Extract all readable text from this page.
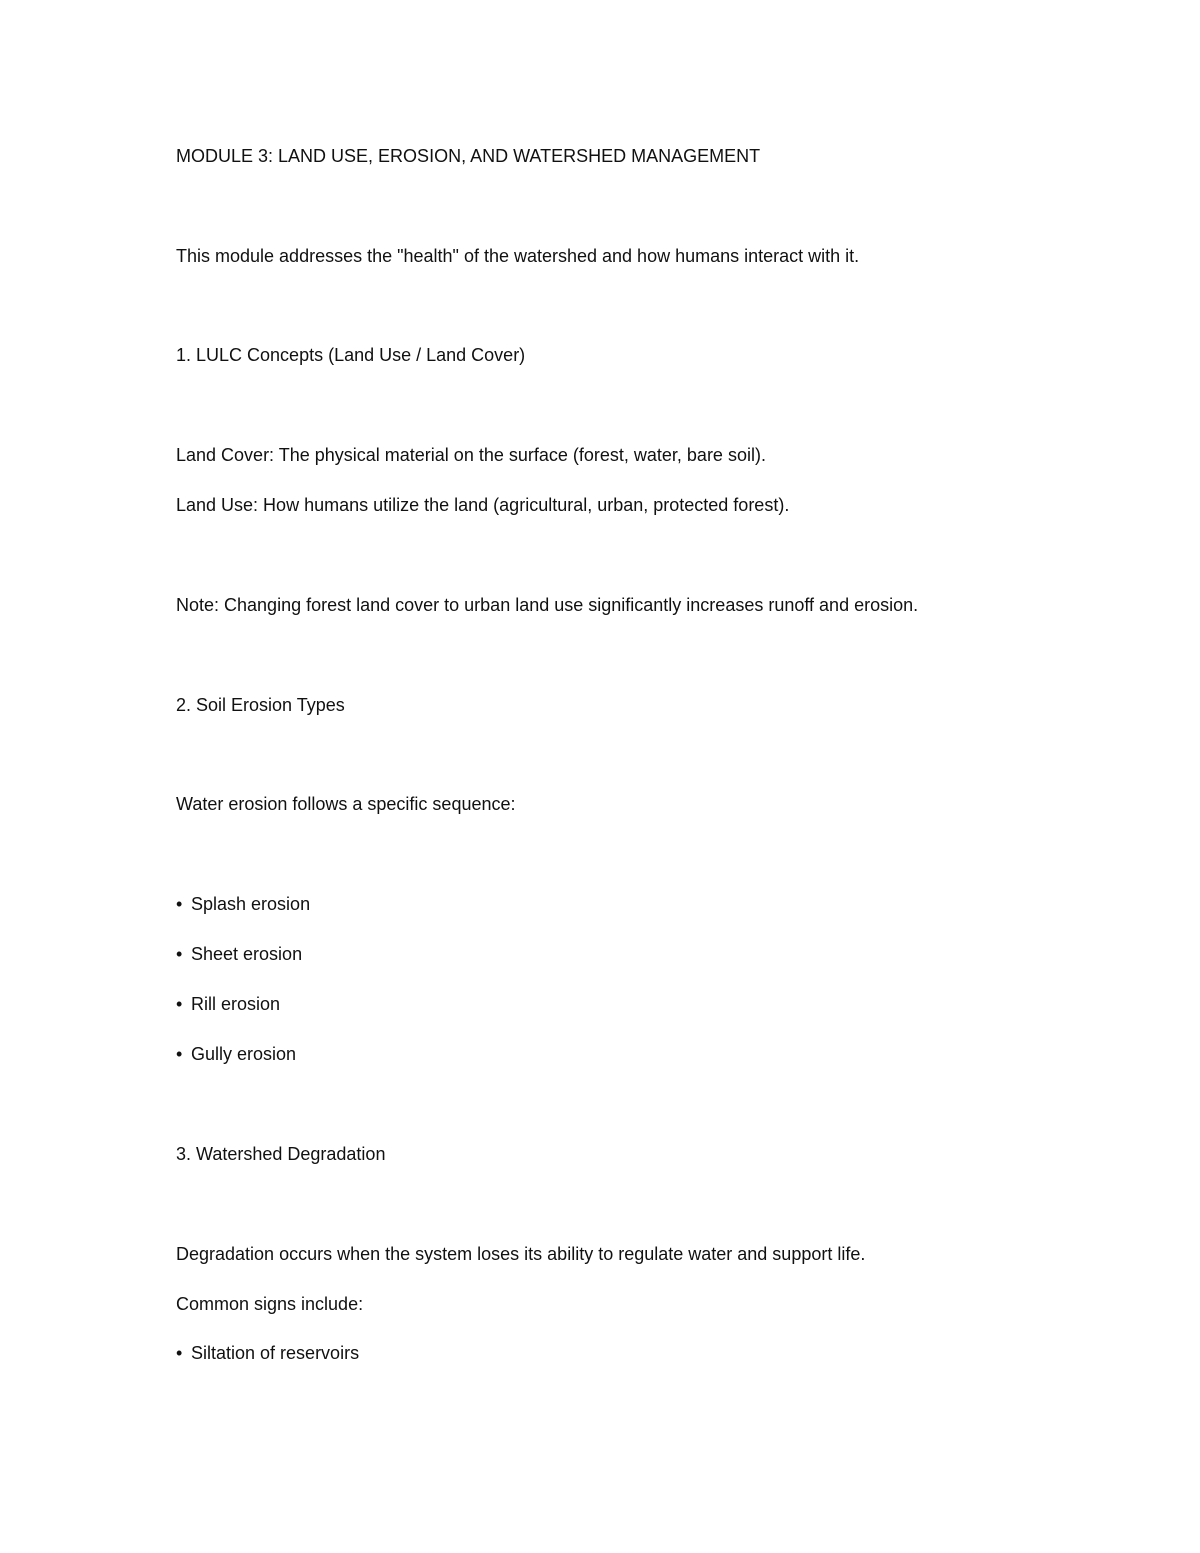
MODULE 3: LAND USE, EROSION, AND WATERSHED MANAGEMENT

This module addresses the "health" of the watershed and how humans interact with it.

1. LULC Concepts (Land Use / Land Cover)

Land Cover: The physical material on the surface (forest, water, bare soil).

Land Use: How humans utilize the land (agricultural, urban, protected forest).

Note: Changing forest land cover to urban land use significantly increases runoff and erosion.

2. Soil Erosion Types

Water erosion follows a specific sequence:

• Splash erosion

• Sheet erosion

• Rill erosion

• Gully erosion

3. Watershed Degradation

Degradation occurs when the system loses its ability to regulate water and support life.

Common signs include:

• Siltation of reservoirs
